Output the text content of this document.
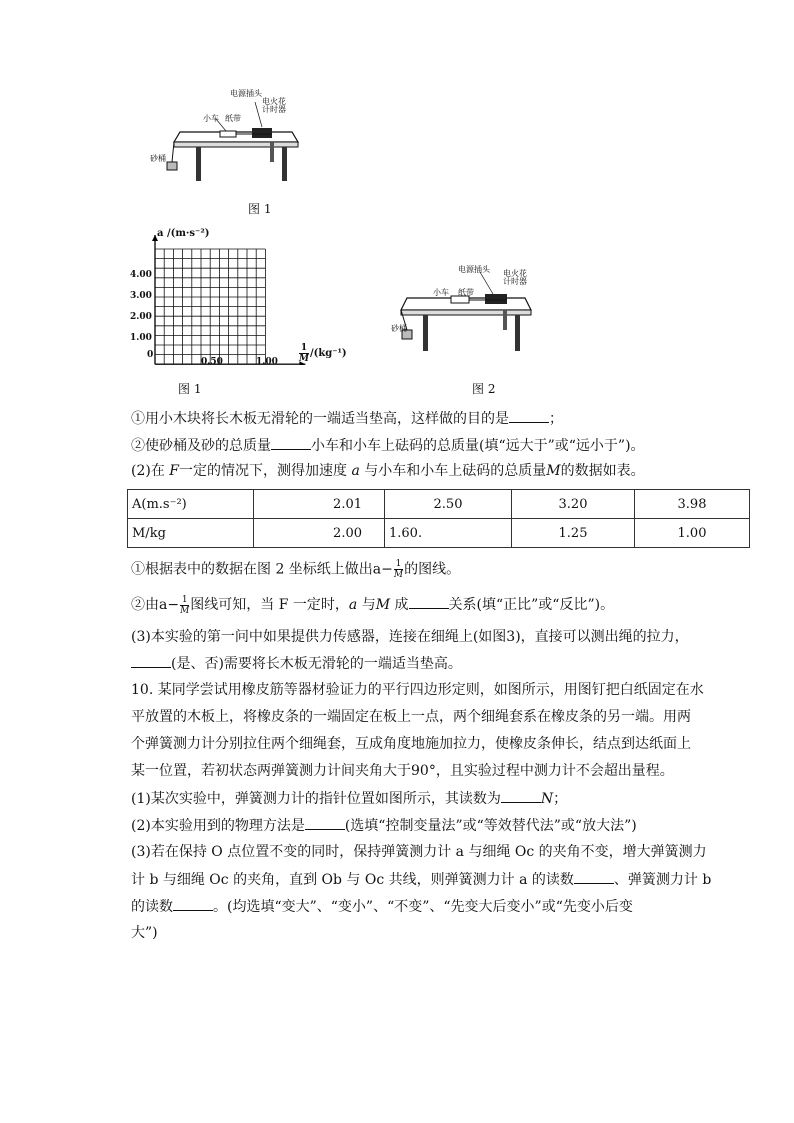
电源插头
电火花
计时器
小车 纸带
砂桶
图 1
a /(m·s⁻²)
4.00
3.00
2.00
1.00
0
0.50	$1.00 \frac{1}{M} /(kg^{-1})$
图 1
电源插头 电火花
计时器
小车 纸带
砂桶
图 2
①用小木块将长木板无滑轮的一端适当垫高，这样做的目的是	；
②使砂桶及砂的总质量	小车和小车上砝码的总质量(填“远大于”或“远小于”)。
(2)在 F一定的情况下，测得加速度 a 与小车和小车上砝码的总质量M的数据如表。
A(m.s⁻²)	2.01	2.50	3.20	3.98
M/kg	2.00	1.60.	1.25	1.00
①根据表中的数据在图 2 坐标纸上做出$a- \frac{1}{M}$ 的图线。
②由$a- \frac{1}{M}$ 图线可知，当 F 一定时，a 与M 成	关系(填“正比”或“反比”)。
(3)本实验的第一问中如果提供力传感器，连接在细绳上(如图3)，直接可以测出绳的拉力，
(是、否)需要将长木板无滑轮的一端适当垫高。
10. 某同学尝试用橡皮筋等器材验证力的平行四边形定则，如图所示，用图钉把白纸固定在水
平放置的木板上，将橡皮条的一端固定在板上一点，两个细绳套系在橡皮条的另一端。用两
个弹簧测力计分别拉住两个细绳套，互成角度地施加拉力，使橡皮条伸长，结点到达纸面上
某一位置，若初状态两弹簧测力计间夹角大于90°，且实验过程中测力计不会超出量程。
(1)某次实验中，弹簧测力计的指针位置如图所示，其读数为	N；
(2)本实验用到的物理方法是	(选填“控制变量法”或“等效替代法”或“放大法”)
(3)若在保持 O 点位置不变的同时，保持弹簧测力计 a 与细绳 Oc 的夹角不变，增大弹簧测力
计 b 与细绳 Oc 的夹角，直到 Ob 与 Oc 共线，则弹簧测力计 a 的读数	、弹簧测力计 b
的读数	。(均选填“变大”、“变小”、“不变”、“先变大后变小”或“先变小后变
大”)
